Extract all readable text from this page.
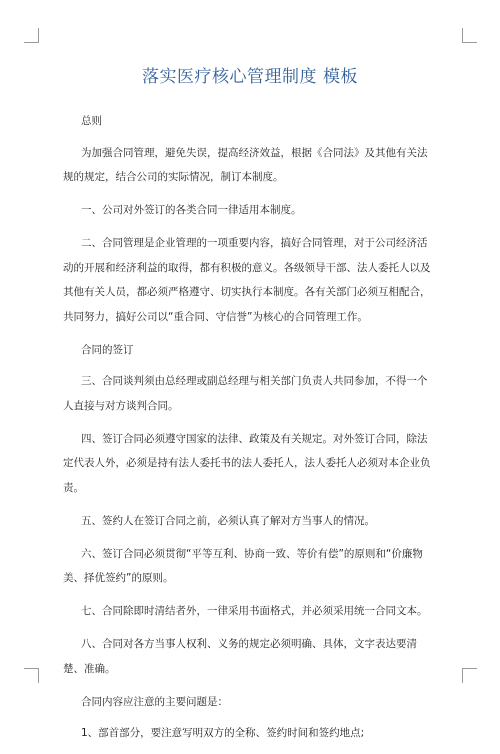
落实医疗核心管理制度 模板

总则

为加强合同管理，避免失误，提高经济效益，根据《合同法》及其他有关法规的规定，结合公司的实际情况，制订本制度。

一、公司对外签订的各类合同一律适用本制度。

二、合同管理是企业管理的一项重要内容，搞好合同管理，对于公司经济活动的开展和经济利益的取得，都有积极的意义。各级领导干部、法人委托人以及其他有关人员，都必须严格遵守、切实执行本制度。各有关部门必须互相配合，共同努力，搞好公司以“重合同、守信誉”为核心的合同管理工作。

合同的签订

三、合同谈判须由总经理或副总经理与相关部门负责人共同参加，不得一个人直接与对方谈判合同。

四、签订合同必须遵守国家的法律、政策及有关规定。对外签订合同，除法定代表人外，必须是持有法人委托书的法人委托人，法人委托人必须对本企业负责。

五、签约人在签订合同之前，必须认真了解对方当事人的情况。

六、签订合同必须贯彻“平等互利、协商一致、等价有偿”的原则和“价廉物美、择优签约”的原则。

七、合同除即时清结者外，一律采用书面格式，并必须采用统一合同文本。

八、合同对各方当事人权利、义务的规定必须明确、具体，文字表达要清楚、准确。

合同内容应注意的主要问题是：

1、部首部分，要注意写明双方的全称、签约时间和签约地点;
